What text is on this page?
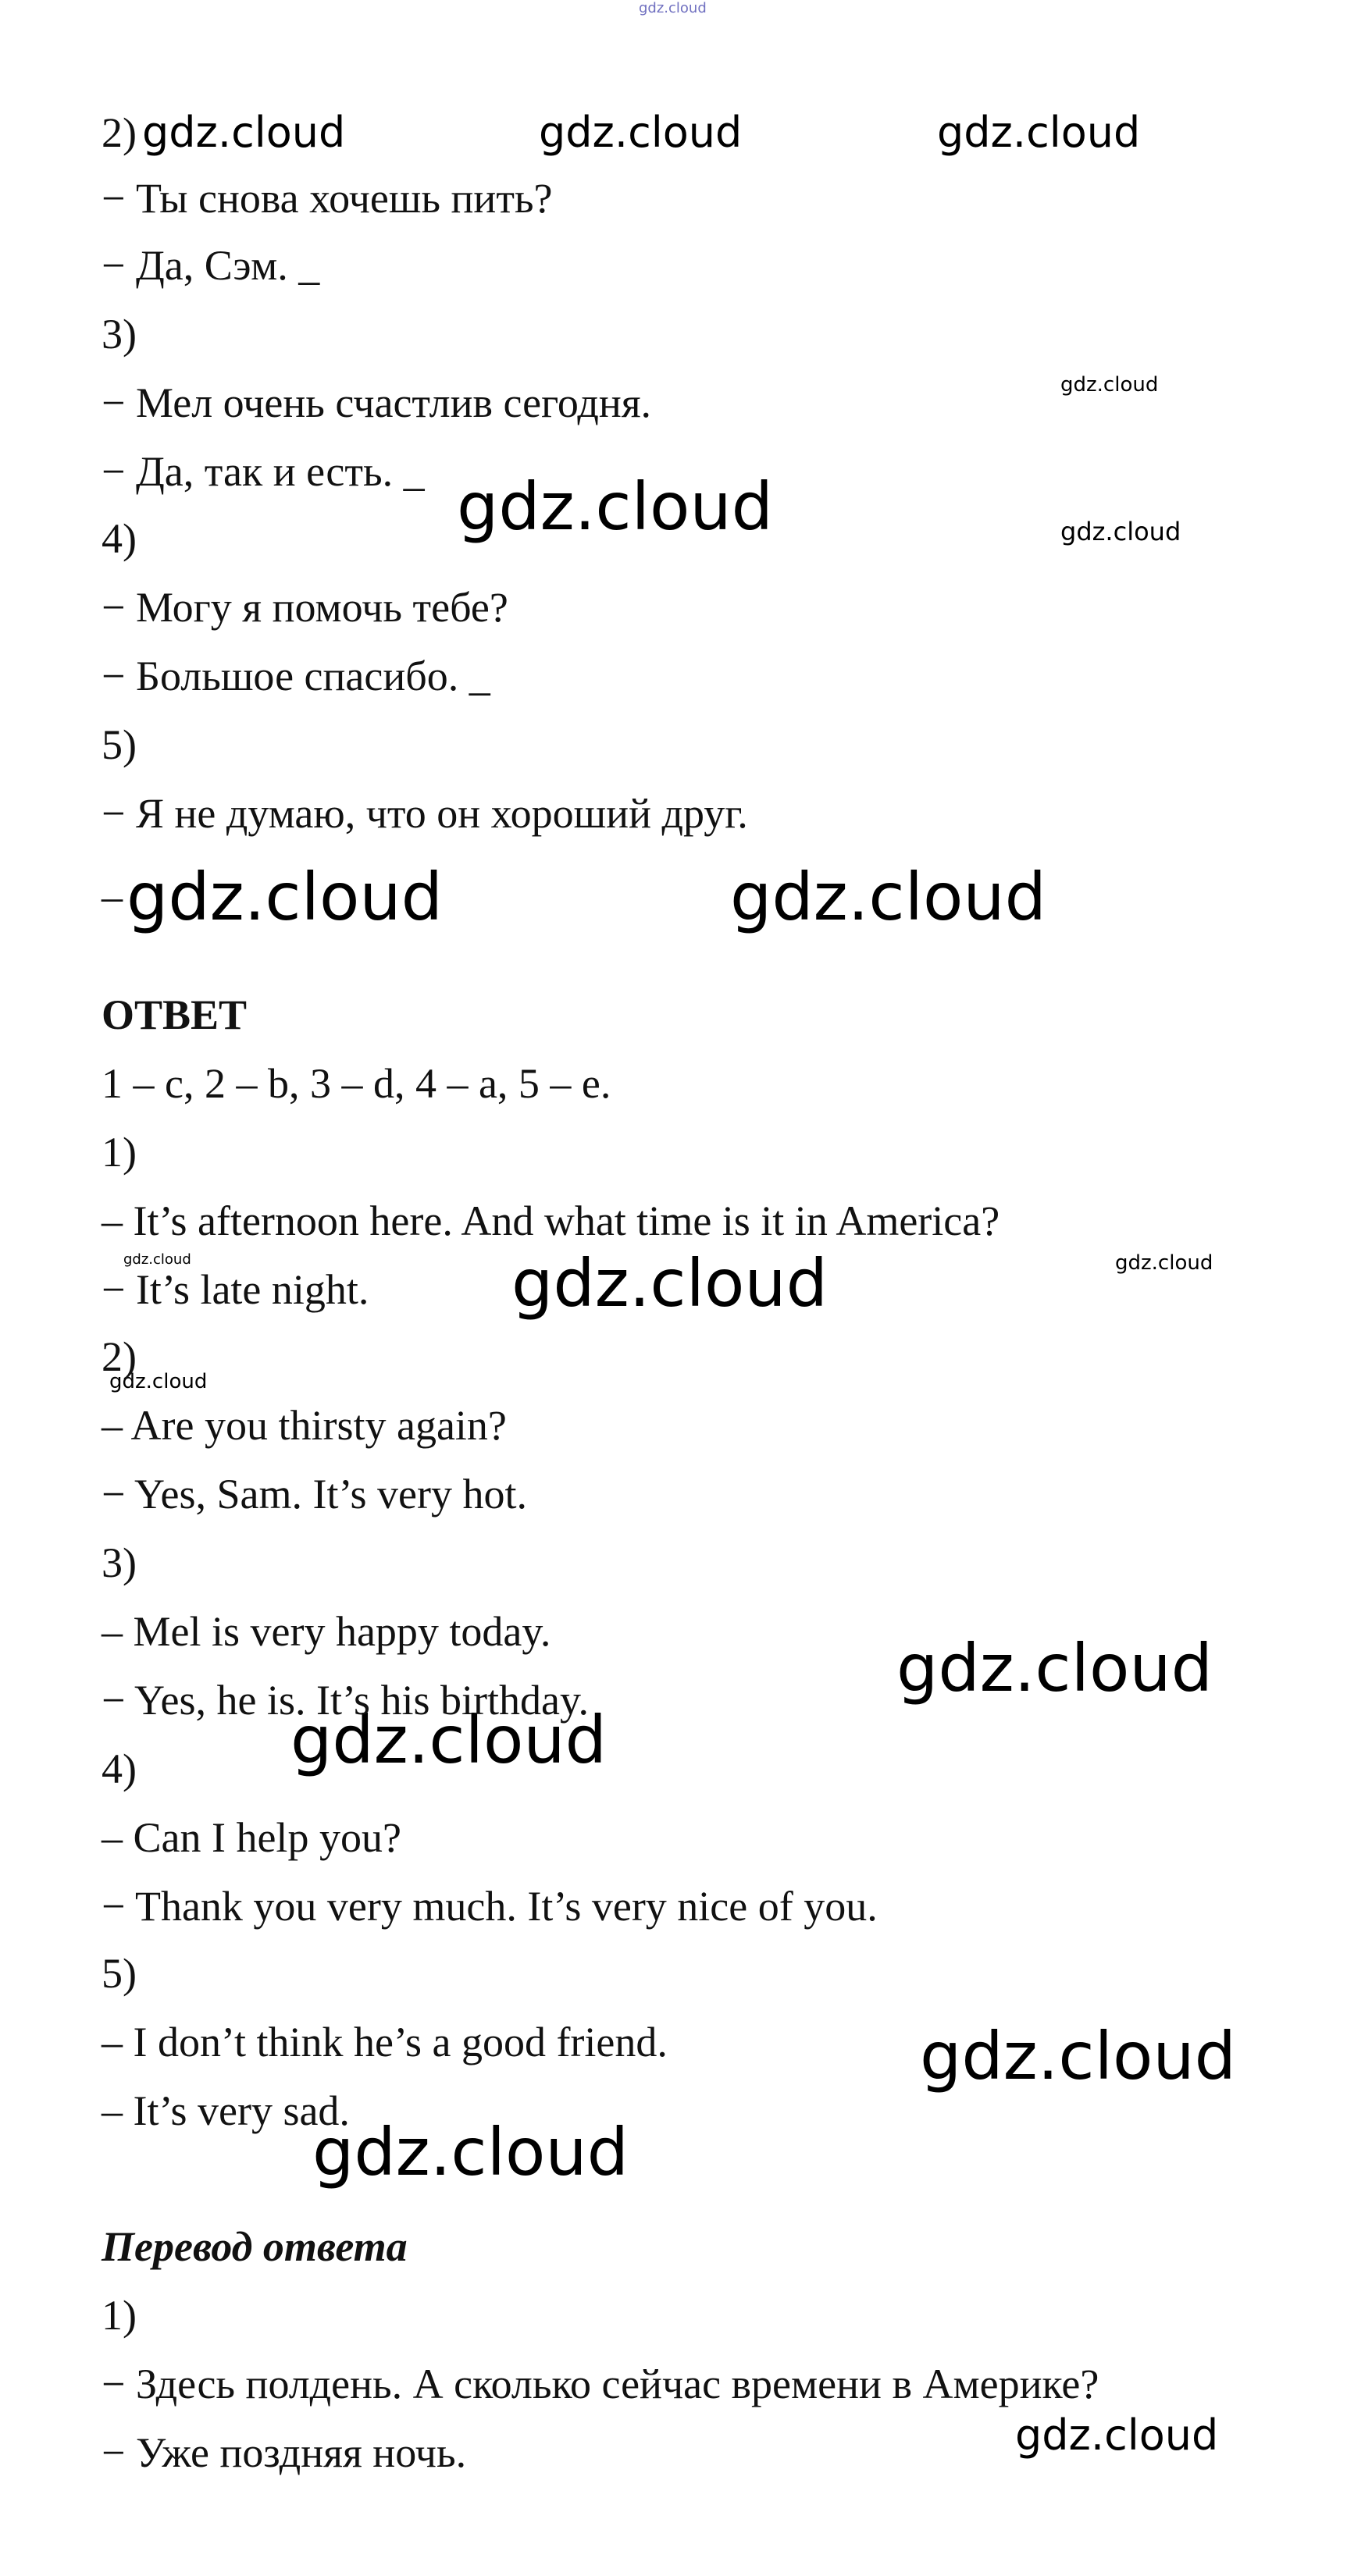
gdz.cloud
gdz.cloud	gdz.cloud	gdz.cloud
gdz.cloud
gdz.cloud	gdz.cloud
gdz.cloud	gdz.cloud
gdz.cloud	gdz.cloud	gdz.cloud
gdz.cloud
gdz.cloud
gdz.cloud
gdz.cloud
gdz.cloud
gdz.cloud

2)

− Ты снова хочешь пить?

− Да, Сэм. _

3)

− Мел очень счастлив сегодня.

− Да, так и есть. _

4)

− Могу я помочь тебе?

− Большое спасибо. _

5)

− Я не думаю, что он хороший друг.

_

ОТВЕТ

1 – c, 2 – b, 3 – d, 4 – a, 5 – e.

1)

– It’s afternoon here. And what time is it in America?

− It’s late night.

2)

– Are you thirsty again?

− Yes, Sam. It’s very hot.

3)

– Mel is very happy today.

− Yes, he is. It’s his birthday.

4)

– Can I help you?

− Thank you very much. It’s very nice of you.

5)

– I don’t think he’s a good friend.

– It’s very sad.

Перевод ответа

1)

− Здесь полдень. А сколько сейчас времени в Америке?

− Уже поздняя ночь.
